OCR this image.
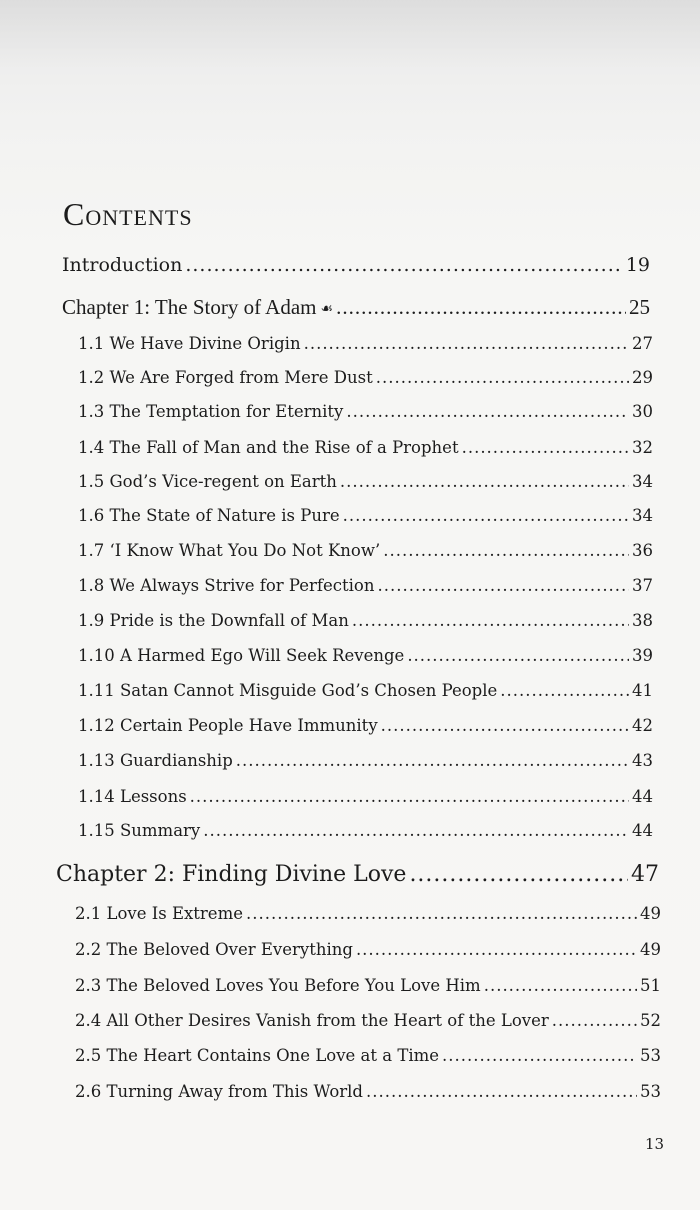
Contents
Introduction .....	19
Chapter 1: The Story of Adam ☙ .....	25
1.1 We Have Divine Origin .....	27
1.2 We Are Forged from Mere Dust .....	29
1.3 The Temptation for Eternity .....	30
1.4 The Fall of Man and the Rise of a Prophet .....	32
1.5 God’s Vice-regent on Earth .....	34
1.6 The State of Nature is Pure .....	34
1.7 ‘I Know What You Do Not Know’ .....	36
1.8 We Always Strive for Perfection .....	37
1.9 Pride is the Downfall of Man .....	38
1.10 A Harmed Ego Will Seek Revenge .....	39
1.11 Satan Cannot Misguide God’s Chosen People .....	41
1.12 Certain People Have Immunity .....	42
1.13 Guardianship .....	43
1.14 Lessons .....	44
1.15 Summary .....	44
Chapter 2: Finding Divine Love .....	47
2.1 Love Is Extreme .....	49
2.2 The Beloved Over Everything .....	49
2.3 The Beloved Loves You Before You Love Him .....	51
2.4 All Other Desires Vanish from the Heart of the Lover .....	52
2.5 The Heart Contains One Love at a Time .....	53
2.6 Turning Away from This World .....	53
13
